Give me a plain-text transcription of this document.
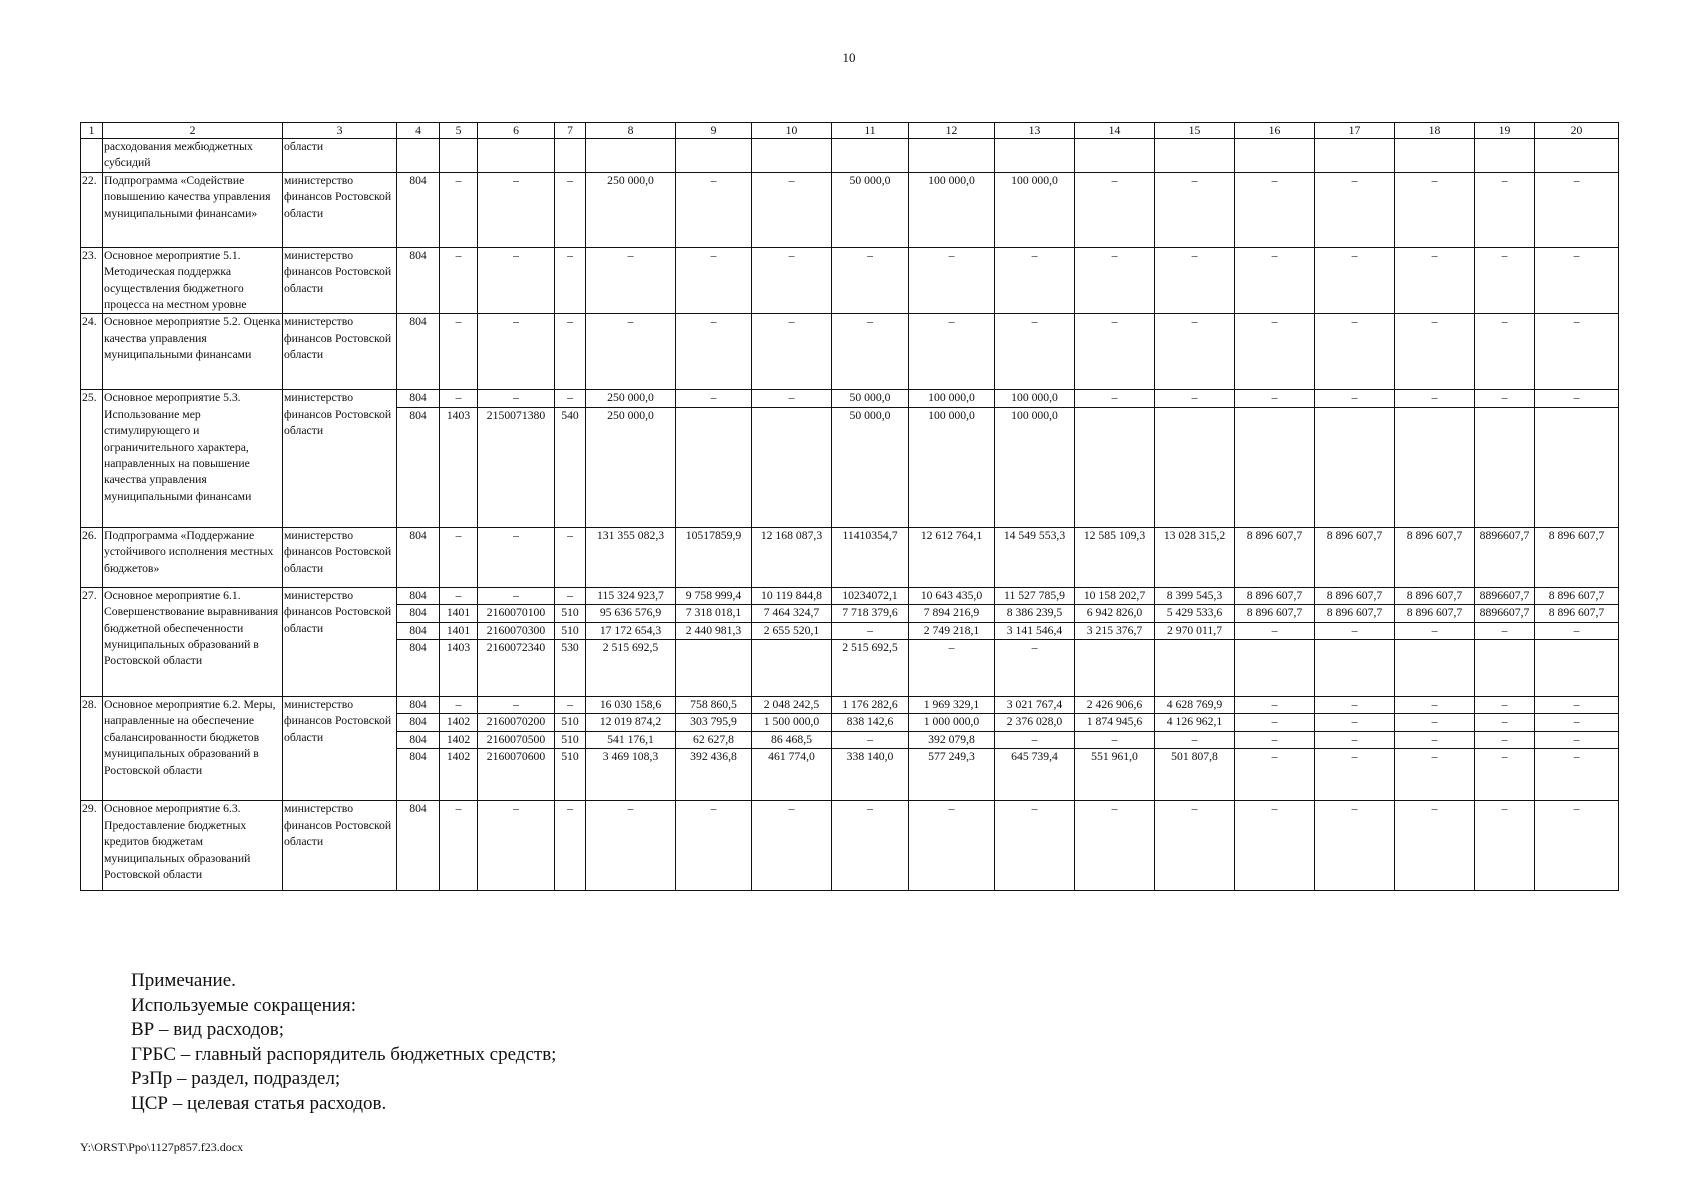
10
1	2	3	4	5	6	7	8	9	10	11	12	13	14	15	16	17	18	19	20
	расходования межбюджетных субсидий	области																	
22.	Подпрограмма «Содействие повышению качества управления муниципальными финансами»	министерство финансов Ростовской области	804	–	–	–	250 000,0	–	–	50 000,0	100 000,0	100 000,0	–	–	–	–	–	–	–
23.	Основное мероприятие 5.1. Методическая поддержка осуществления бюджетного процесса на местном уровне	министерство финансов Ростовской области	804	–	–	–	–	–	–	–	–	–	–	–	–	–	–	–	–
24.	Основное мероприятие 5.2. Оценка качества управления муниципальными финансами	министерство финансов Ростовской области	804	–	–	–	–	–	–	–	–	–	–	–	–	–	–	–	–
25.	Основное мероприятие 5.3. Использование мер стимулирующего и ограничительного характера, направленных на повышение качества управления муниципальными финансами	министерство финансов Ростовской области	804	–	–	–	250 000,0	–	–	50 000,0	100 000,0	100 000,0	–	–	–	–	–	–	–
			804	1403	2150071380	540	250 000,0			50 000,0	100 000,0	100 000,0							
26.	Подпрограмма «Поддержание устойчивого исполнения местных бюджетов»	министерство финансов Ростовской области	804	–	–	–	131 355 082,3	10517859,9	12 168 087,3	11410354,7	12 612 764,1	14 549 553,3	12 585 109,3	13 028 315,2	8 896 607,7	8 896 607,7	8 896 607,7	8896607,7	8 896 607,7
27.	Основное мероприятие 6.1. Совершенствование выравнивания бюджетной обеспеченности муниципальных образований в Ростовской области	министерство финансов Ростовской области	804	–	–	–	115 324 923,7	9 758 999,4	10 119 844,8	10234072,1	10 643 435,0	11 527 785,9	10 158 202,7	8 399 545,3	8 896 607,7	8 896 607,7	8 896 607,7	8896607,7	8 896 607,7
			804	1401	2160070100	510	95 636 576,9	7 318 018,1	7 464 324,7	7 718 379,6	7 894 216,9	8 386 239,5	6 942 826,0	5 429 533,6	8 896 607,7	8 896 607,7	8 896 607,7	8896607,7	8 896 607,7
			804	1401	2160070300	510	17 172 654,3	2 440 981,3	2 655 520,1	–	2 749 218,1	3 141 546,4	3 215 376,7	2 970 011,7	–	–	–	–	–
			804	1403	2160072340	530	2 515 692,5			2 515 692,5	–	–							
28.	Основное мероприятие 6.2. Меры, направленные на обеспечение сбалансированности бюджетов муниципальных образований в Ростовской области	министерство финансов Ростовской области	804	–	–	–	16 030 158,6	758 860,5	2 048 242,5	1 176 282,6	1 969 329,1	3 021 767,4	2 426 906,6	4 628 769,9	–	–	–	–	–
			804	1402	2160070200	510	12 019 874,2	303 795,9	1 500 000,0	838 142,6	1 000 000,0	2 376 028,0	1 874 945,6	4 126 962,1	–	–	–	–	–
			804	1402	2160070500	510	541 176,1	62 627,8	86 468,5	–	392 079,8	–	–	–	–	–	–	–	–
			804	1402	2160070600	510	3 469 108,3	392 436,8	461 774,0	338 140,0	577 249,3	645 739,4	551 961,0	501 807,8	–	–	–	–	–
29.	Основное мероприятие 6.3. Предоставление бюджетных кредитов бюджетам муниципальных образований Ростовской области	министерство финансов Ростовской области	804	–	–	–	–	–	–	–	–	–	–	–	–	–	–	–	–
Примечание.
Используемые сокращения:
ВР – вид расходов;
ГРБС – главный распорядитель бюджетных средств;
РзПр – раздел, подраздел;
ЦСР – целевая статья расходов.
Y:\ORST\Ppo\1127p857.f23.docx
